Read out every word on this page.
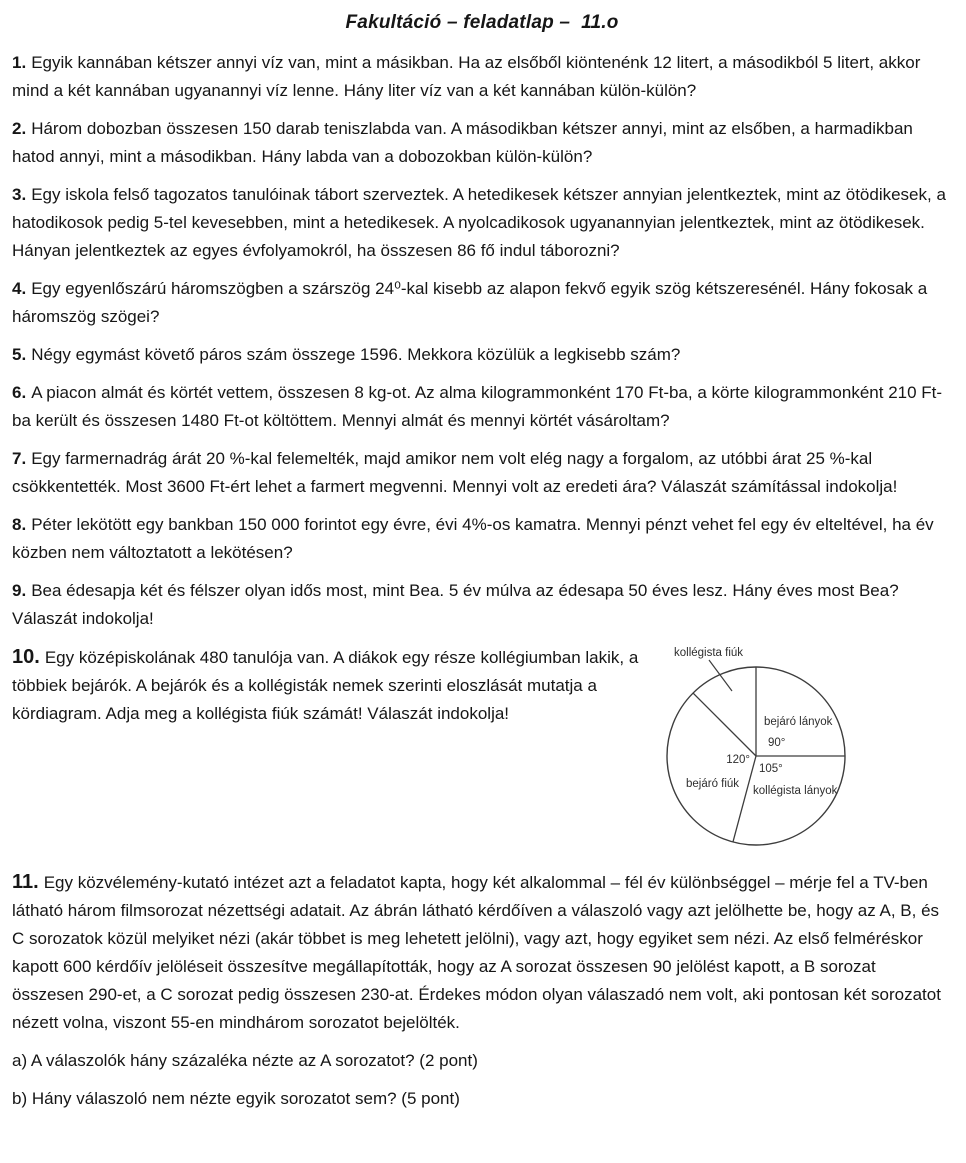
Fakultáció – feladatlap –  11.o

1. Egyik kannában kétszer annyi víz van, mint a másikban. Ha az elsőből kiöntenénk 12 litert, a másodikból 5 litert, akkor mind a két kannában ugyanannyi víz lenne. Hány liter víz van a két kannában külön-külön?

2. Három dobozban összesen 150 darab teniszlabda van. A másodikban kétszer annyi, mint az elsőben, a harmadikban hatod annyi, mint a másodikban. Hány labda van a dobozokban külön-külön?

3. Egy iskola felső tagozatos tanulóinak tábort szerveztek. A hetedikesek kétszer annyian jelentkeztek, mint az ötödikesek, a hatodikosok pedig 5-tel kevesebben, mint a hetedikesek. A nyolcadikosok ugyanannyian jelentkeztek, mint az ötödikesek. Hányan jelentkeztek az egyes évfolyamokról, ha összesen 86 fő indul táborozni?

4. Egy egyenlőszárú háromszögben a szárszög 24⁰-kal kisebb az alapon fekvő egyik szög kétszeresénél. Hány fokosak a háromszög szögei?

5. Négy egymást követő páros szám összege 1596. Mekkora közülük a legkisebb szám?

6. A piacon almát és körtét vettem, összesen 8 kg-ot. Az alma kilogrammonként 170 Ft-ba, a körte kilogrammonként 210 Ft-ba került és összesen 1480 Ft-ot költöttem. Mennyi almát és mennyi körtét vásároltam?

7. Egy farmernadrág árát 20 %-kal felemelték, majd amikor nem volt elég nagy a forgalom, az utóbbi árat 25 %-kal csökkentették. Most 3600 Ft-ért lehet a farmert megvenni. Mennyi volt az eredeti ára? Válaszát számítással indokolja!

8. Péter lekötött egy bankban 150 000 forintot egy évre, évi 4%-os kamatra. Mennyi pénzt vehet fel egy év elteltével, ha év közben nem változtatott a lekötésen?

9. Bea édesapja két és félszer olyan idős most, mint Bea. 5 év múlva az édesapa 50 éves lesz. Hány éves most Bea? Válaszát indokolja!

10. Egy középiskolának 480 tanulója van. A diákok egy része kollégiumban lakik, a többiek bejárók. A bejárók és a kollégisták nemek szerinti eloszlását mutatja a kördiagram. Adja meg a kollégista fiúk számát! Válaszát indokolja!	bejáró lányok
90°
kollégista lányok
105°
bejáró fiúk
120°
kollégista fiúk

11. Egy közvélemény-kutató intézet azt a feladatot kapta, hogy két alkalommal – fél év különbséggel – mérje fel a TV-ben látható három filmsorozat nézettségi adatait. Az ábrán látható kérdőíven a válaszoló vagy azt jelölhette be, hogy az A, B, és C sorozatok közül melyiket nézi (akár többet is meg lehetett jelölni), vagy azt, hogy egyiket sem nézi. Az első felméréskor kapott 600 kérdőív jelöléseit összesítve megállapították, hogy az A sorozat összesen 90 jelölést kapott, a B sorozat összesen 290-et, a C sorozat pedig összesen 230-at. Érdekes módon olyan válaszadó nem volt, aki pontosan két sorozatot nézett volna, viszont 55-en mindhárom sorozatot bejelölték.

a) A válaszolók hány százaléka nézte az A sorozatot? (2 pont)

b) Hány válaszoló nem nézte egyik sorozatot sem? (5 pont)
